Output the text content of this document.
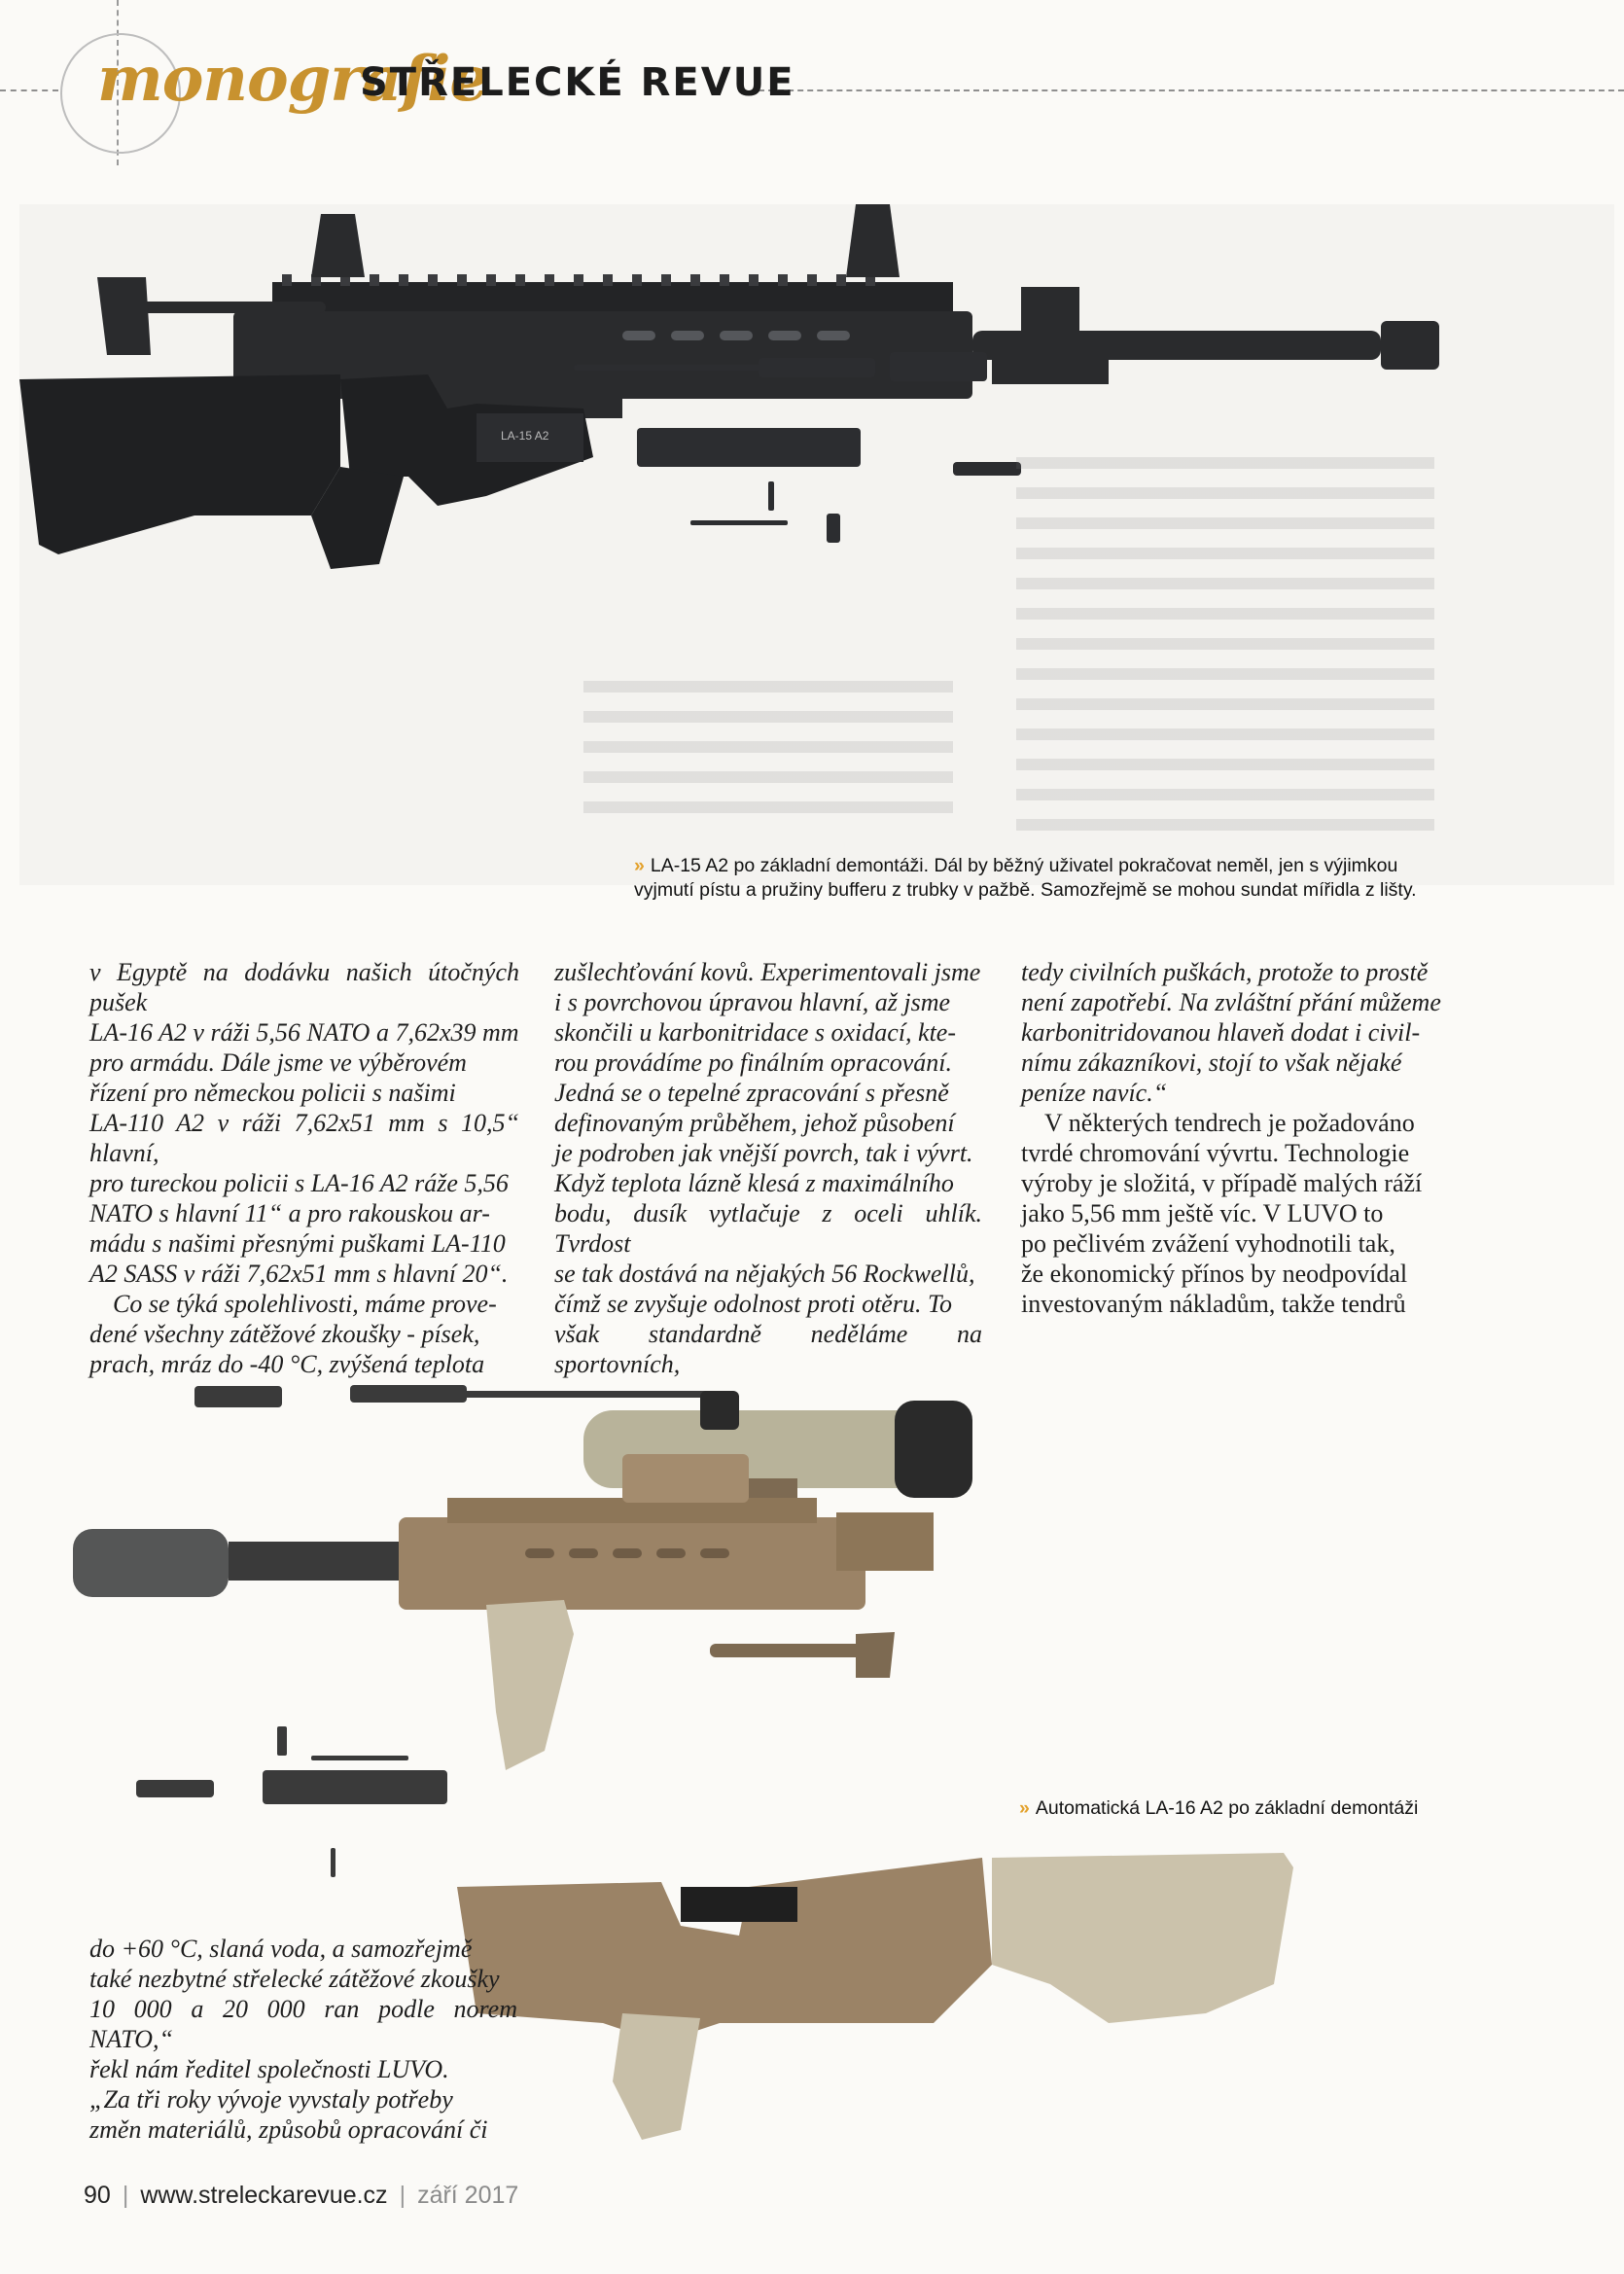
monografie
STŘELECKÉ REVUE
LA-15 A2
» LA-15 A2 po základní demontáži. Dál by běžný uživatel pokračovat neměl, jen s výjimkou
vyjmutí pístu a pružiny bufferu z trubky v pažbě. Samozřejmě se mohou sundat mířidla z lišty.

v Egyptě na dodávku našich útočných pušek

LA-16 A2 v ráži 5,56 NATO a 7,62x39 mm

pro armádu. Dále jsme ve výběrovém

řízení pro německou policii s našimi

LA-110 A2 v ráži 7,62x51 mm s 10,5“ hlavní,

pro tureckou policii s LA-16 A2 ráže 5,56

NATO s hlavní 11“ a pro rakouskou ar-

mádu s našimi přesnými puškami LA-110

A2 SASS v ráži 7,62x51 mm s hlavní 20“.

Co se týká spolehlivosti, máme prove-

dené všechny zátěžové zkoušky - písek,

prach, mráz do -40 °C, zvýšená teplota

zušlechťování kovů. Experimentovali jsme

i s povrchovou úpravou hlavní, až jsme

skončili u karbonitridace s oxidací, kte-

rou provádíme po finálním opracování.

Jedná se o tepelné zpracování s přesně

definovaným průběhem, jehož působení

je podroben jak vnější povrch, tak i vývrt.

Když teplota lázně klesá z maximálního

bodu, dusík vytlačuje z oceli uhlík. Tvrdost

se tak dostává na nějakých 56 Rockwellů,

čímž se zvyšuje odolnost proti otěru. To

však standardně neděláme na sportovních,

tedy civilních puškách, protože to prostě

není zapotřebí. Na zvláštní přání můžeme

karbonitridovanou hlaveň dodat i civil-

nímu zákazníkovi, stojí to však nějaké

peníze navíc.“

V některých tendrech je požadováno

tvrdé chromování vývrtu. Technologie

výroby je složitá, v případě malých ráží

jako 5,56 mm ještě víc. V LUVO to

po pečlivém zvážení vyhodnotili tak,

že ekonomický přínos by neodpovídal

investovaným nákladům, takže tendrů

» Automatická LA-16 A2 po základní demontáži

do +60 °C, slaná voda, a samozřejmě

také nezbytné střelecké zátěžové zkoušky

10 000 a 20 000 ran podle norem NATO,“

řekl nám ředitel společnosti LUVO.

„Za tři roky vývoje vyvstaly potřeby

změn materiálů, způsobů opracování či

90 | www.streleckarevue.cz | září 2017
